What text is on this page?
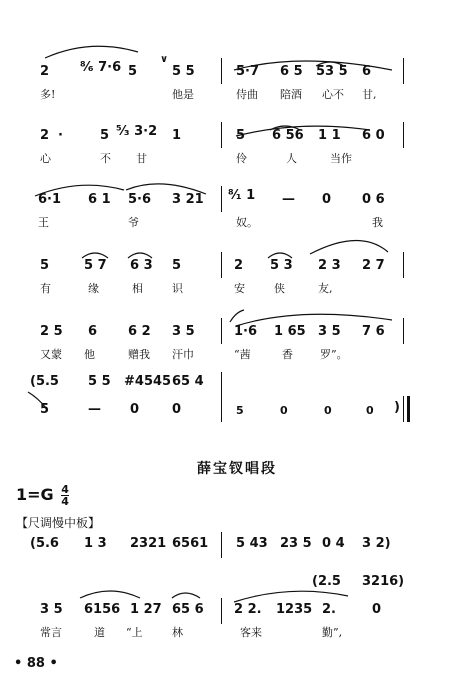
2 ⁸⁄₆ 7·6 5
∨
5 5	5·7 6 5 53 5 6
多!	他是	侍曲 陪酒 心不 甘,
2 ·	5 ⁵⁄₃ 3·2 1	5 6 56 1 1 6 0
心	不 甘	伶	人	当作
6·1 6 1 5·6 3 21 ⁸⁄₁ 1 — 0 0 6
王	爷	奴。	我
5	5 7 6 3 5	2 5 3 2 3 2 7
有	缘	相	识	安	侠	友,
2 5 6 6 2 3 5	1·6 1 65 3 5 7 6
又蒙 他	赠我 汗巾	“茜	香 罗”。
(5.5 5 5 #4545 65 4
5	— 0	0	5	0	0	0 )
薛宝钗唱段
$1=G \frac{4}{4}$
【尺调慢中板】
(5.6 1 3 2321 6561 5 43 23 5 0 4 3 2)
(2.5 3216)
3 5 6156 1 27 65 6 2 2. 1235 2.	0
常言	道 “上	林	客来	勤”,
• 88 •
